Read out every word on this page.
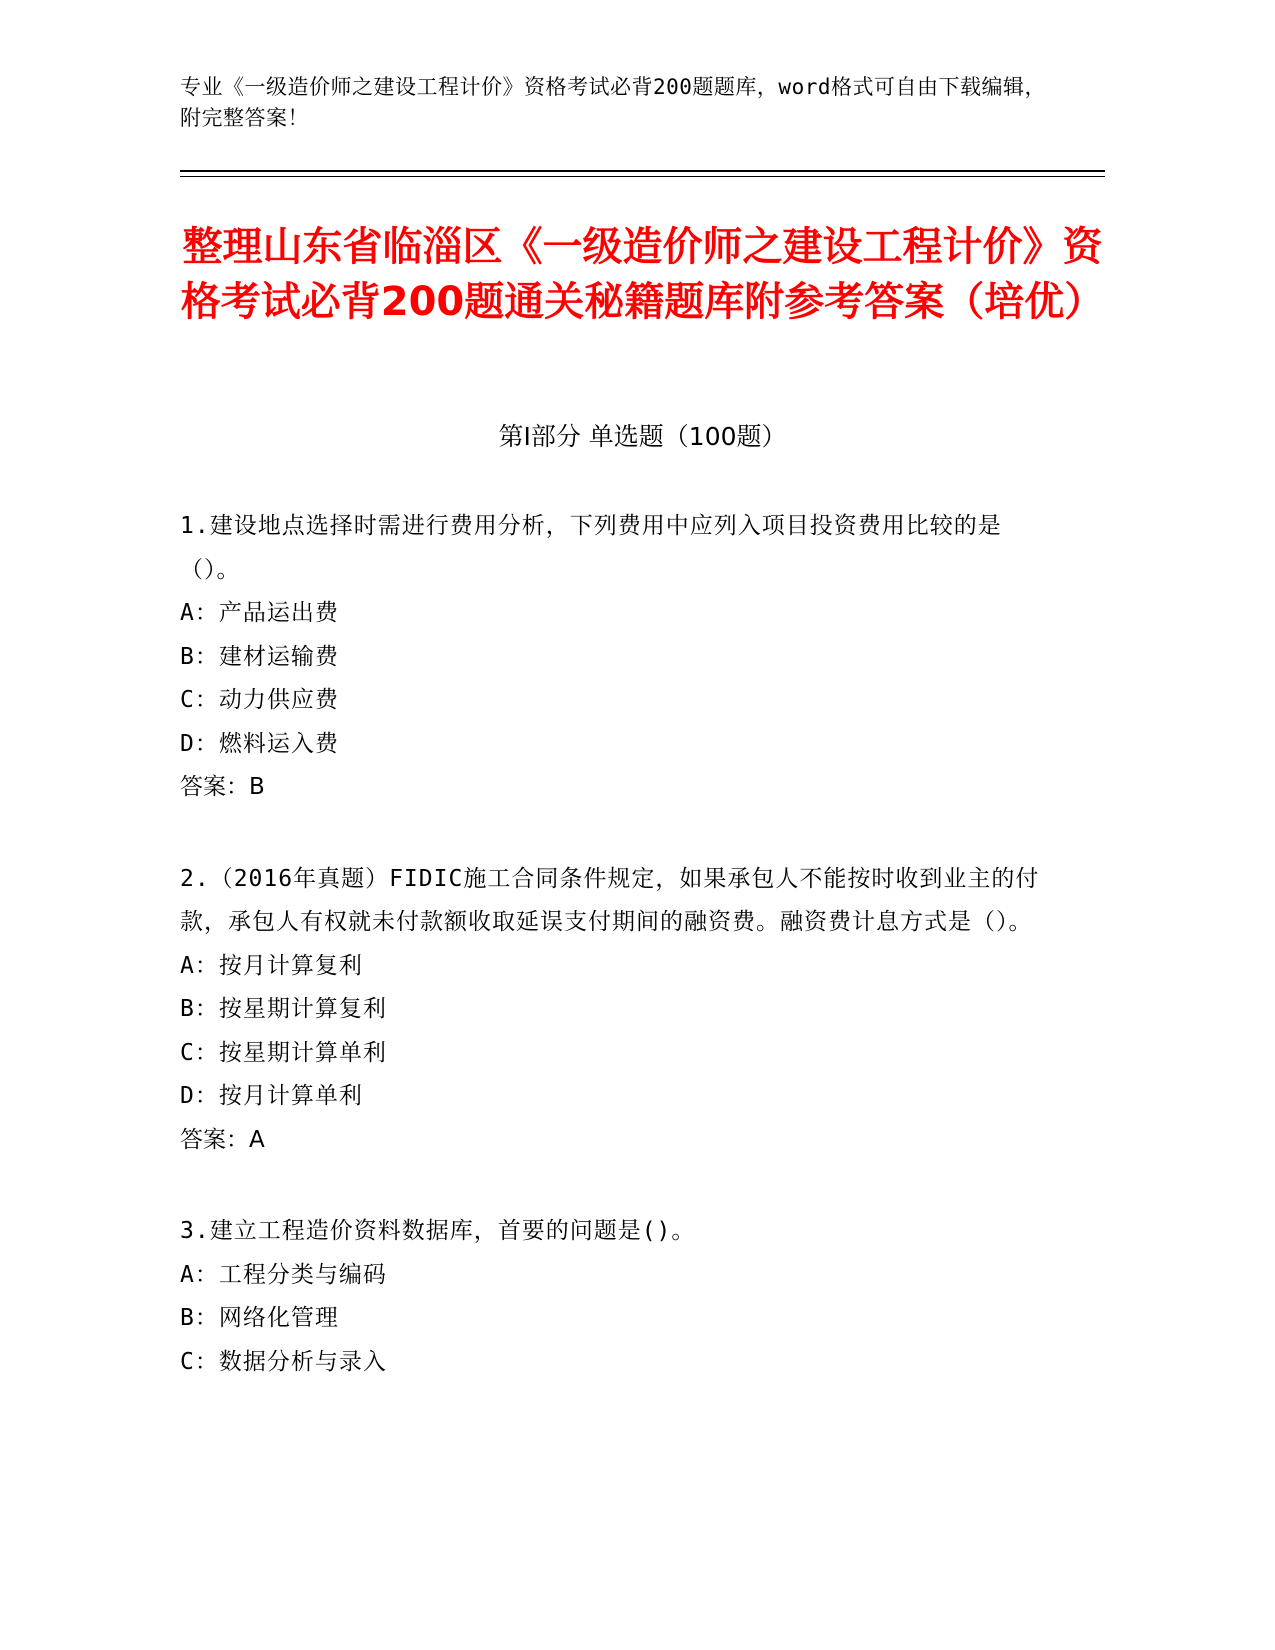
专业《一级造价师之建设工程计价》资格考试必背200题题库，word格式可自由下载编辑，附完整答案！
整理山东省临淄区《一级造价师之建设工程计价》资格考试必背200题通关秘籍题库附参考答案（培优）
第Ⅰ部分 单选题（100题）

1.建设地点选择时需进行费用分析，下列费用中应列入项目投资费用比较的是（）。

A：产品运出费

B：建材运输费

C：动力供应费

D：燃料运入费

答案：B

2.（2016年真题）FIDIC施工合同条件规定，如果承包人不能按时收到业主的付款，承包人有权就未付款额收取延误支付期间的融资费。融资费计息方式是（）。

A：按月计算复利

B：按星期计算复利

C：按星期计算单利

D：按月计算单利

答案：A

3.建立工程造价资料数据库，首要的问题是()。

A：工程分类与编码

B：网络化管理

C：数据分析与录入
